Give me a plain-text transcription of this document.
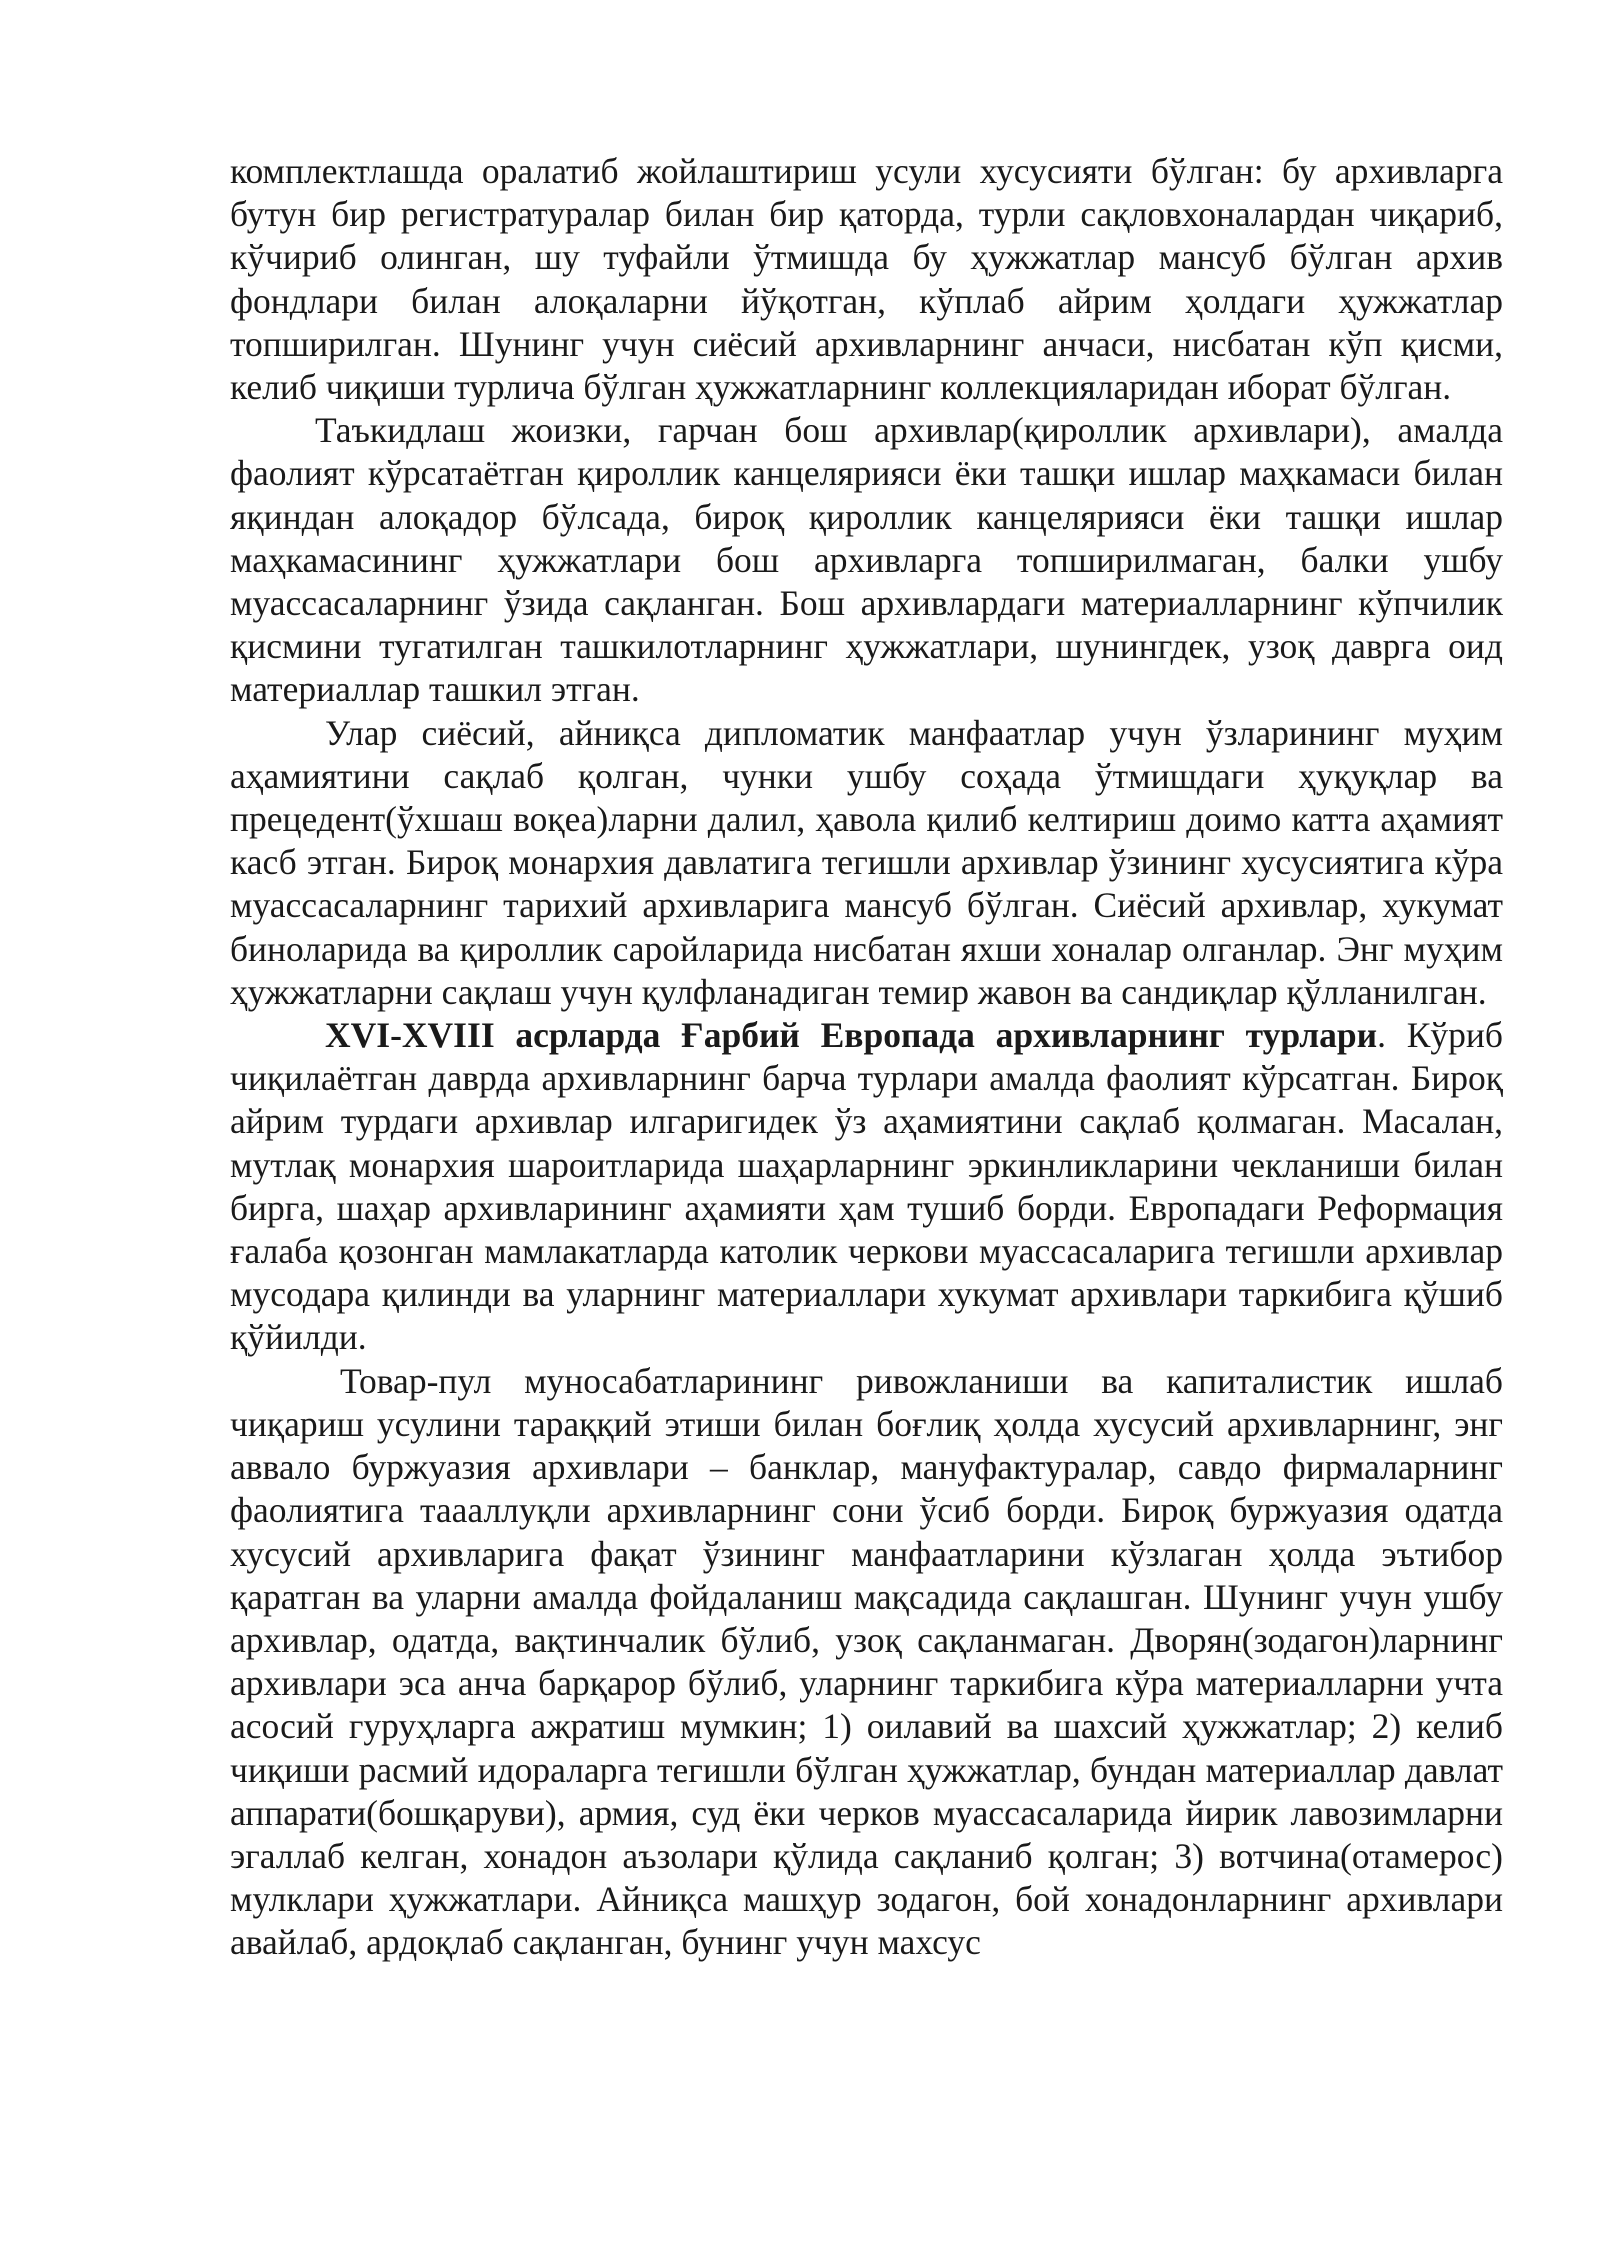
комплектлашда оралатиб жойлаштириш усули хусусияти бўлган: бу архивларга бутун бир регистратуралар билан бир қаторда, турли сақловхоналардан чиқариб, кўчириб олинган, шу туфайли ўтмишда бу ҳужжатлар мансуб бўлган архив фондлари билан алоқаларни йўқотган, кўплаб айрим ҳолдаги ҳужжатлар топширилган. Шунинг учун сиёсий архивларнинг анчаси, нисбатан кўп қисми, келиб чиқиши турлича бўлган ҳужжатларнинг коллекцияларидан иборат бўлган.

Таъкидлаш жоизки, гарчан бош архивлар(қироллик архивлари), амалда фаолият кўрсатаётган қироллик канцелярияси ёки ташқи ишлар маҳкамаси билан яқиндан алоқадор бўлсада, бироқ қироллик канцелярияси ёки ташқи ишлар маҳкамасининг ҳужжатлари бош архивларга топширилмаган, балки ушбу муассасаларнинг ўзида сақланган. Бош архивлардаги материалларнинг кўпчилик қисмини тугатилган ташкилотларнинг ҳужжатлари, шунингдек, узоқ даврга оид материаллар ташкил этган.

Улар сиёсий, айниқса дипломатик манфаатлар учун ўзларининг муҳим аҳамиятини сақлаб қолган, чунки ушбу соҳада ўтмишдаги ҳуқуқлар ва прецедент(ўхшаш воқеа)ларни далил, ҳавола қилиб келтириш доимо катта аҳамият касб этган. Бироқ монархия давлатига тегишли архивлар ўзининг хусусиятига кўра муассасаларнинг тарихий архивларига мансуб бўлган. Сиёсий архивлар, хукумат биноларида ва қироллик саройларида нисбатан яхши хоналар олганлар. Энг муҳим ҳужжатларни сақлаш учун қулфланадиган темир жавон ва сандиқлар қўлланилган.

XVI-XVIII асрларда Ғарбий Европада архивларнинг турлари. Кўриб чиқилаётган даврда архивларнинг барча турлари амалда фаолият кўрсатган. Бироқ айрим турдаги архивлар илгаригидек ўз аҳамиятини сақлаб қолмаган. Масалан, мутлақ монархия шароитларида шаҳарларнинг эркинликларини чекланиши билан бирга, шаҳар архивларининг аҳамияти ҳам тушиб борди. Европадаги Реформация ғалаба қозонган мамлакатларда католик черкови муассасаларига тегишли архивлар мусодара қилинди ва уларнинг материаллари хукумат архивлари таркибига қўшиб қўйилди.

Товар-пул муносабатларининг ривожланиши ва капиталистик ишлаб чиқариш усулини тараққий этиши билан боғлиқ ҳолда хусусий архивларнинг, энг аввало буржуазия архивлари – банклар, мануфактуралар, савдо фирмаларнинг фаолиятига таааллуқли архивларнинг сони ўсиб борди. Бироқ буржуазия одатда хусусий архивларига фақат ўзининг манфаатларини кўзлаган ҳолда эътибор қаратган ва уларни амалда фойдаланиш мақсадида сақлашган. Шунинг учун ушбу архивлар, одатда, вақтинчалик бўлиб, узоқ сақланмаган. Дворян(зодагон)ларнинг архивлари эса анча барқарор бўлиб, уларнинг таркибига кўра материалларни учта асосий гуруҳларга ажратиш мумкин; 1) оилавий ва шахсий ҳужжатлар; 2) келиб чиқиши расмий идораларга тегишли бўлган ҳужжатлар, бундан материаллар давлат аппарати(бошқаруви), армия, суд ёки черков муассасаларида йирик лавозимларни эгаллаб келган, хонадон аъзолари қўлида сақланиб қолган; 3) вотчина(отамерос) мулклари ҳужжатлари. Айниқса машҳур зодагон, бой хонадонларнинг архивлари авайлаб, ардоқлаб сақланган, бунинг учун махсус
